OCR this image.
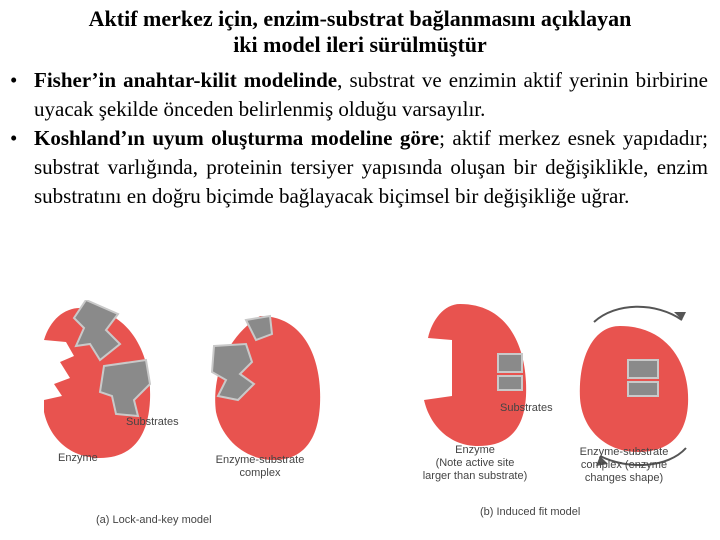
Aktif merkez için, enzim-substrat bağlanmasını açıklayan
iki model ileri sürülmüştür
• Fisher’in anahtar-kilit modelinde, substrat ve enzimin aktif yerinin birbirine uyacak şekilde önceden belirlenmiş olduğu varsayılır.
• Koshland’ın uyum oluşturma modeline göre; aktif merkez esnek yapıdadır; substrat varlığında, proteinin tersiyer yapısında oluşan bir değişiklikle, enzim substratını en doğru biçimde bağlayacak biçimsel bir değişikliğe uğrar.
Substrates
Enzyme	Enzyme-substrate
complex
(a) Lock-and-key model
Substrates
Enzyme
(Note active site
larger than substrate)
Enzyme-substrate
complex (enzyme
changes shape)
(b) Induced fit model
